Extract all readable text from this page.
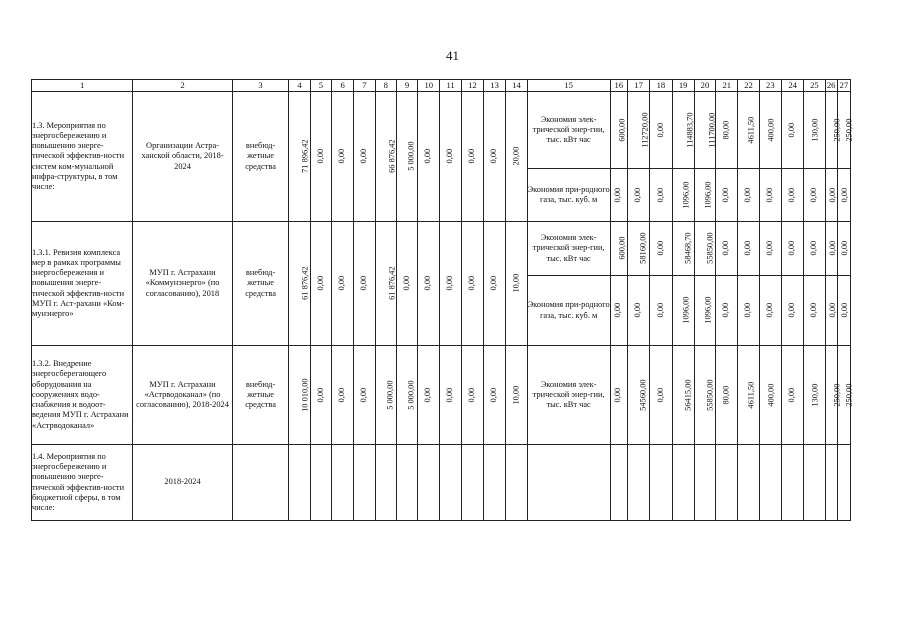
41
1	2	3	4	5	6	7	8	9	10	11	12	13	14	15	16	17	18	19	20	21	22	23	24	25	26	27
1.3. Мероприятия по энергосбережению и повышению энерге-тической эффектив-ности систем ком-мунальной инфра-структуры, в том числе:	Организации Астра-ханской области, 2018-2024	внебюд-жетные средства	71 896,42	0,00	0,00	0,00	66 876,42	5 000,00	0,00	0,00	0,00	0,00	20,00	Экономия элек-трической энер-гии, тыс. кВт час	600,00	112720,00	0,00	114883,70	111700,00	80,00	4611,50	400,00	0,00	130,00	250,00	250,00
														Экономия при-родного газа, тыс. куб. м	0,00	0,00	0,00	1096,00	1096,00	0,00	0,00	0,00	0,00	0,00	0,00	0,00
1.3.1. Ревизия комплекса мер в рамках программы энергосбережения и повышения энерге-тической эффектив-ности МУП г. Аст-рахани «Ком-мунэнерго»	МУП г. Астрахани «Коммунэнерго» (по согласованию), 2018	внебюд-жетные средства	61 876,42	0,00	0,00	0,00	61 876,42	0,00	0,00	0,00	0,00	0,00	10,00	Экономия элек-трической энер-гии, тыс. кВт час	600,00	58160,00	0,00	58468,70	55850,00	0,00	0,00	0,00	0,00	0,00	0,00	0,00
														Экономия при-родного газа, тыс. куб. м	0,00	0,00	0,00	1096,00	1096,00	0,00	0,00	0,00	0,00	0,00	0,00	0,00
1.3.2. Внедрение энергосберегающего оборудования на сооружениях водо-снабжения и водоот-ведения МУП г. Астрахани «Астрводоканал»	МУП г. Астрахани «Астрводоканал» (по согласованию), 2018-2024	внебюд-жетные средства	10 010,00	0,00	0,00	0,00	5 000,00	5 000,00	0,00	0,00	0,00	0,00	10,00	Экономия элек-трической энер-гии, тыс. кВт час	0,00	54560,00	0,00	56415,00	55850,00	80,00	4611,50	400,00	0,00	130,00	250,00	250,00
1.4. Мероприятия по энергосбережению и повышению энерге-тической эффектив-ности бюджетной сферы, в том числе:	2018-2024																									
